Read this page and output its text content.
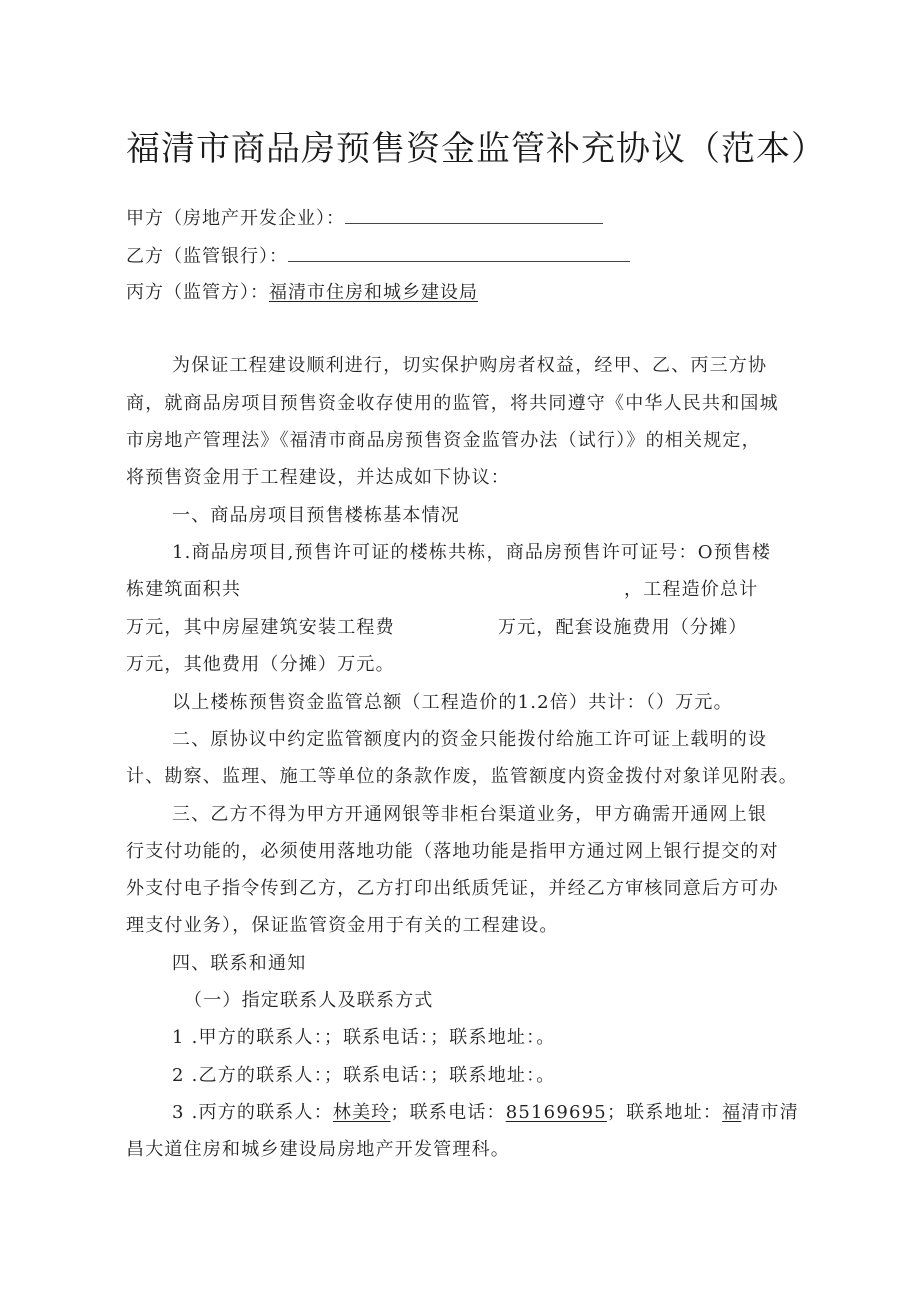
福清市商品房预售资金监管补充协议（范本）
甲方（房地产开发企业）：
乙方（监管银行）：
丙方（监管方）：福清市住房和城乡建设局
为保证工程建设顺利进行，切实保护购房者权益，经甲、乙、丙三方协
商，就商品房项目预售资金收存使用的监管，将共同遵守《中华人民共和国城
市房地产管理法》《福清市商品房预售资金监管办法（试行）》的相关规定，
将预售资金用于工程建设，并达成如下协议：
一、商品房项目预售楼栋基本情况
1.商品房项目,预售许可证的楼栋共栋，商品房预售许可证号：O预售楼
栋建筑面积共	，工程造价总计
万元，其中房屋建筑安装工程费	万元，配套设施费用（分摊）
万元，其他费用（分摊）万元。
以上楼栋预售资金监管总额（工程造价的1.2倍）共计：（）万元。
二、原协议中约定监管额度内的资金只能拨付给施工许可证上载明的设
计、勘察、监理、施工等单位的条款作废，监管额度内资金拨付对象详见附表。
三、乙方不得为甲方开通网银等非柜台渠道业务，甲方确需开通网上银
行支付功能的，必须使用落地功能（落地功能是指甲方通过网上银行提交的对
外支付电子指令传到乙方，乙方打印出纸质凭证，并经乙方审核同意后方可办
理支付业务），保证监管资金用于有关的工程建设。
四、联系和通知
（一）指定联系人及联系方式
1 .甲方的联系人：；联系电话：；联系地址：。
2 .乙方的联系人：；联系电话：；联系地址：。
3 .丙方的联系人：林美玲；联系电话：85169695；联系地址：福清市清
昌大道住房和城乡建设局房地产开发管理科。
